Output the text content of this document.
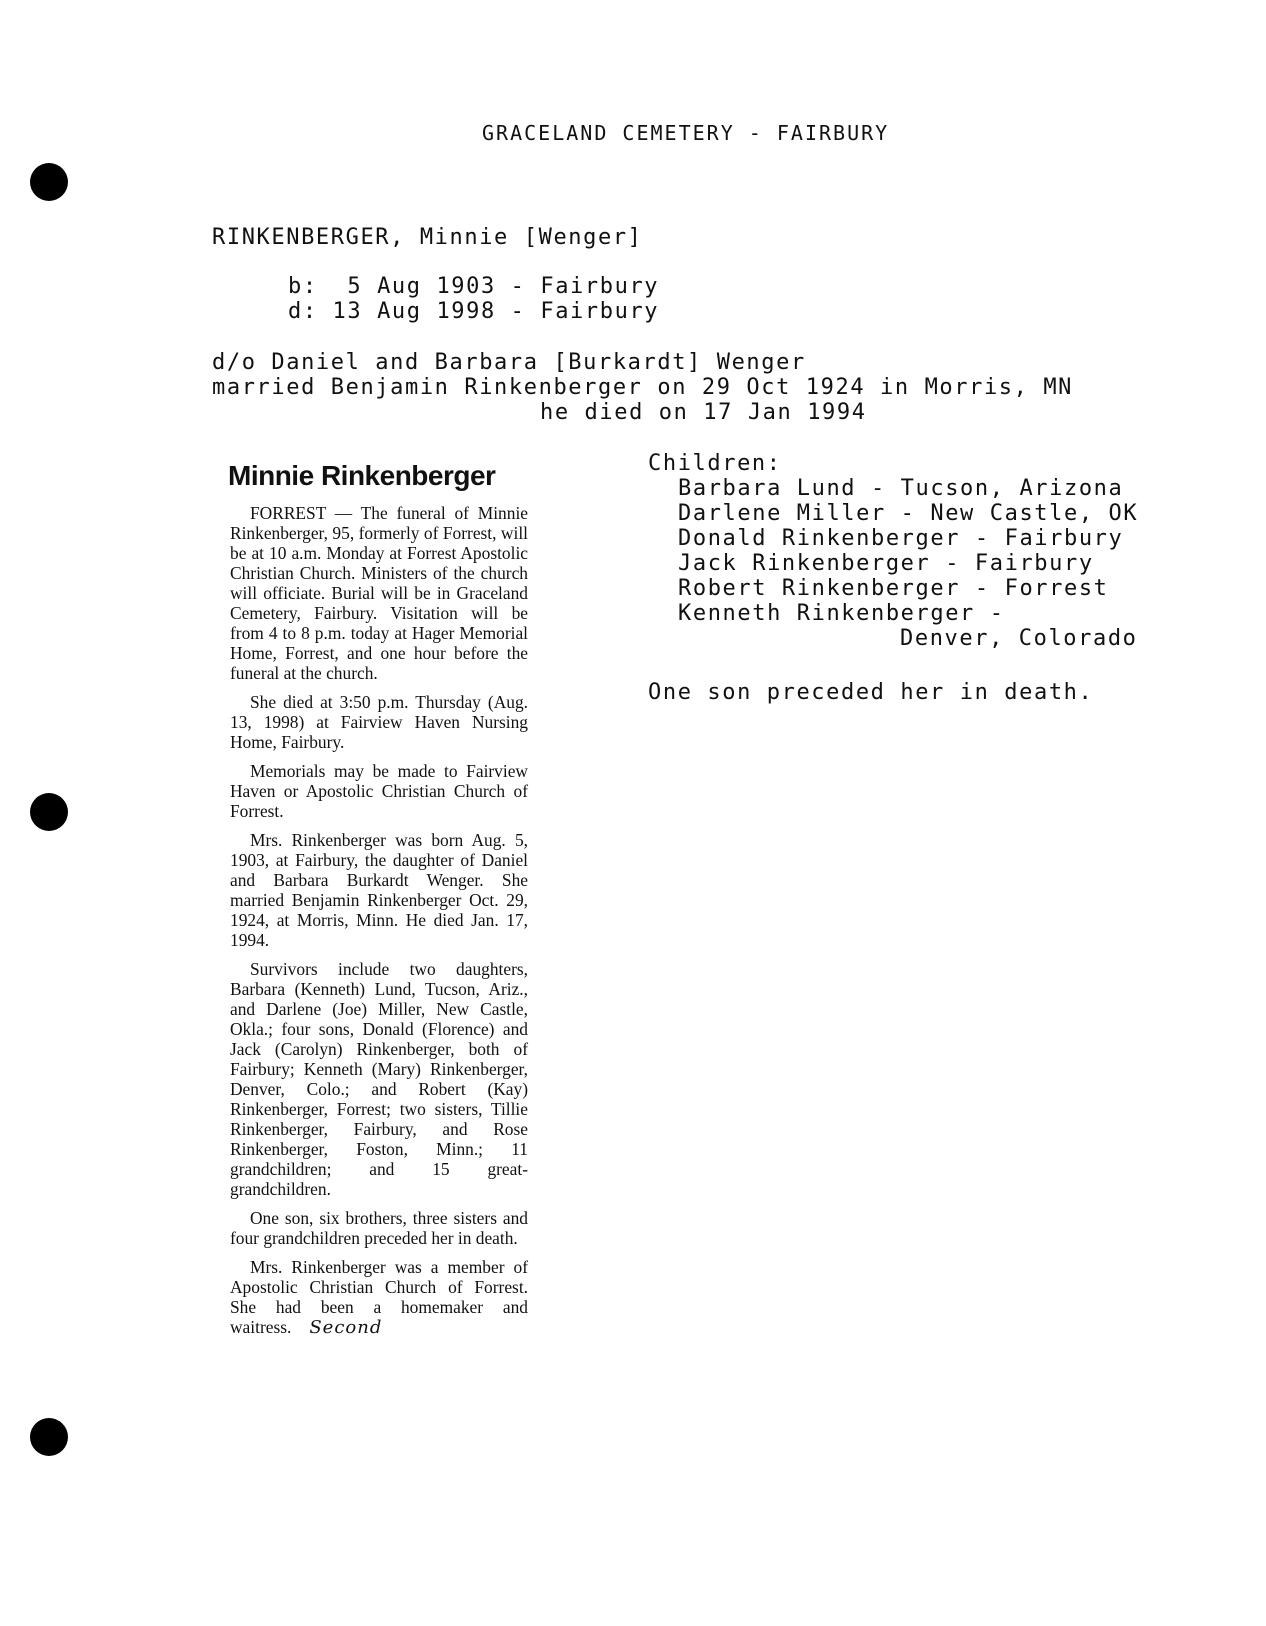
GRACELAND CEMETERY - FAIRBURY
RINKENBERGER, Minnie [Wenger]
b:  5 Aug 1903 - Fairbury
d: 13 Aug 1998 - Fairbury
d/o Daniel and Barbara [Burkardt] Wenger
married Benjamin Rinkenberger on 29 Oct 1924 in Morris, MN
he died on 17 Jan 1994
Children:
Barbara Lund - Tucson, Arizona
Darlene Miller - New Castle, OK
Donald Rinkenberger - Fairbury
Jack Rinkenberger - Fairbury
Robert Rinkenberger - Forrest
Kenneth Rinkenberger -
Denver, Colorado
One son preceded her in death.
Minnie Rinkenberger

FORREST — The funeral of Minnie Rinkenberger, 95, formerly of Forrest, will be at 10 a.m. Monday at Forrest Apostolic Christian Church. Ministers of the church will officiate. Burial will be in Graceland Cemetery, Fairbury. Visitation will be from 4 to 8 p.m. today at Hager Memorial Home, Forrest, and one hour before the funeral at the church.

She died at 3:50 p.m. Thursday (Aug. 13, 1998) at Fairview Haven Nursing Home, Fairbury.

Memorials may be made to Fairview Haven or Apostolic Christian Church of Forrest.

Mrs. Rinkenberger was born Aug. 5, 1903, at Fairbury, the daughter of Daniel and Barbara Burkardt Wenger. She married Benjamin Rinkenberger Oct. 29, 1924, at Morris, Minn. He died Jan. 17, 1994.

Survivors include two daughters, Barbara (Kenneth) Lund, Tucson, Ariz., and Darlene (Joe) Miller, New Castle, Okla.; four sons, Donald (Florence) and Jack (Carolyn) Rinkenberger, both of Fairbury; Kenneth (Mary) Rinkenberger, Denver, Colo.; and Robert (Kay) Rinkenberger, Forrest; two sisters, Tillie Rinkenberger, Fairbury, and Rose Rinkenberger, Foston, Minn.; 11 grandchildren; and 15 great-grandchildren.

One son, six brothers, three sisters and four grandchildren preceded her in death.

Mrs. Rinkenberger was a member of Apostolic Christian Church of Forrest. She had been a homemaker and waitress. Second
